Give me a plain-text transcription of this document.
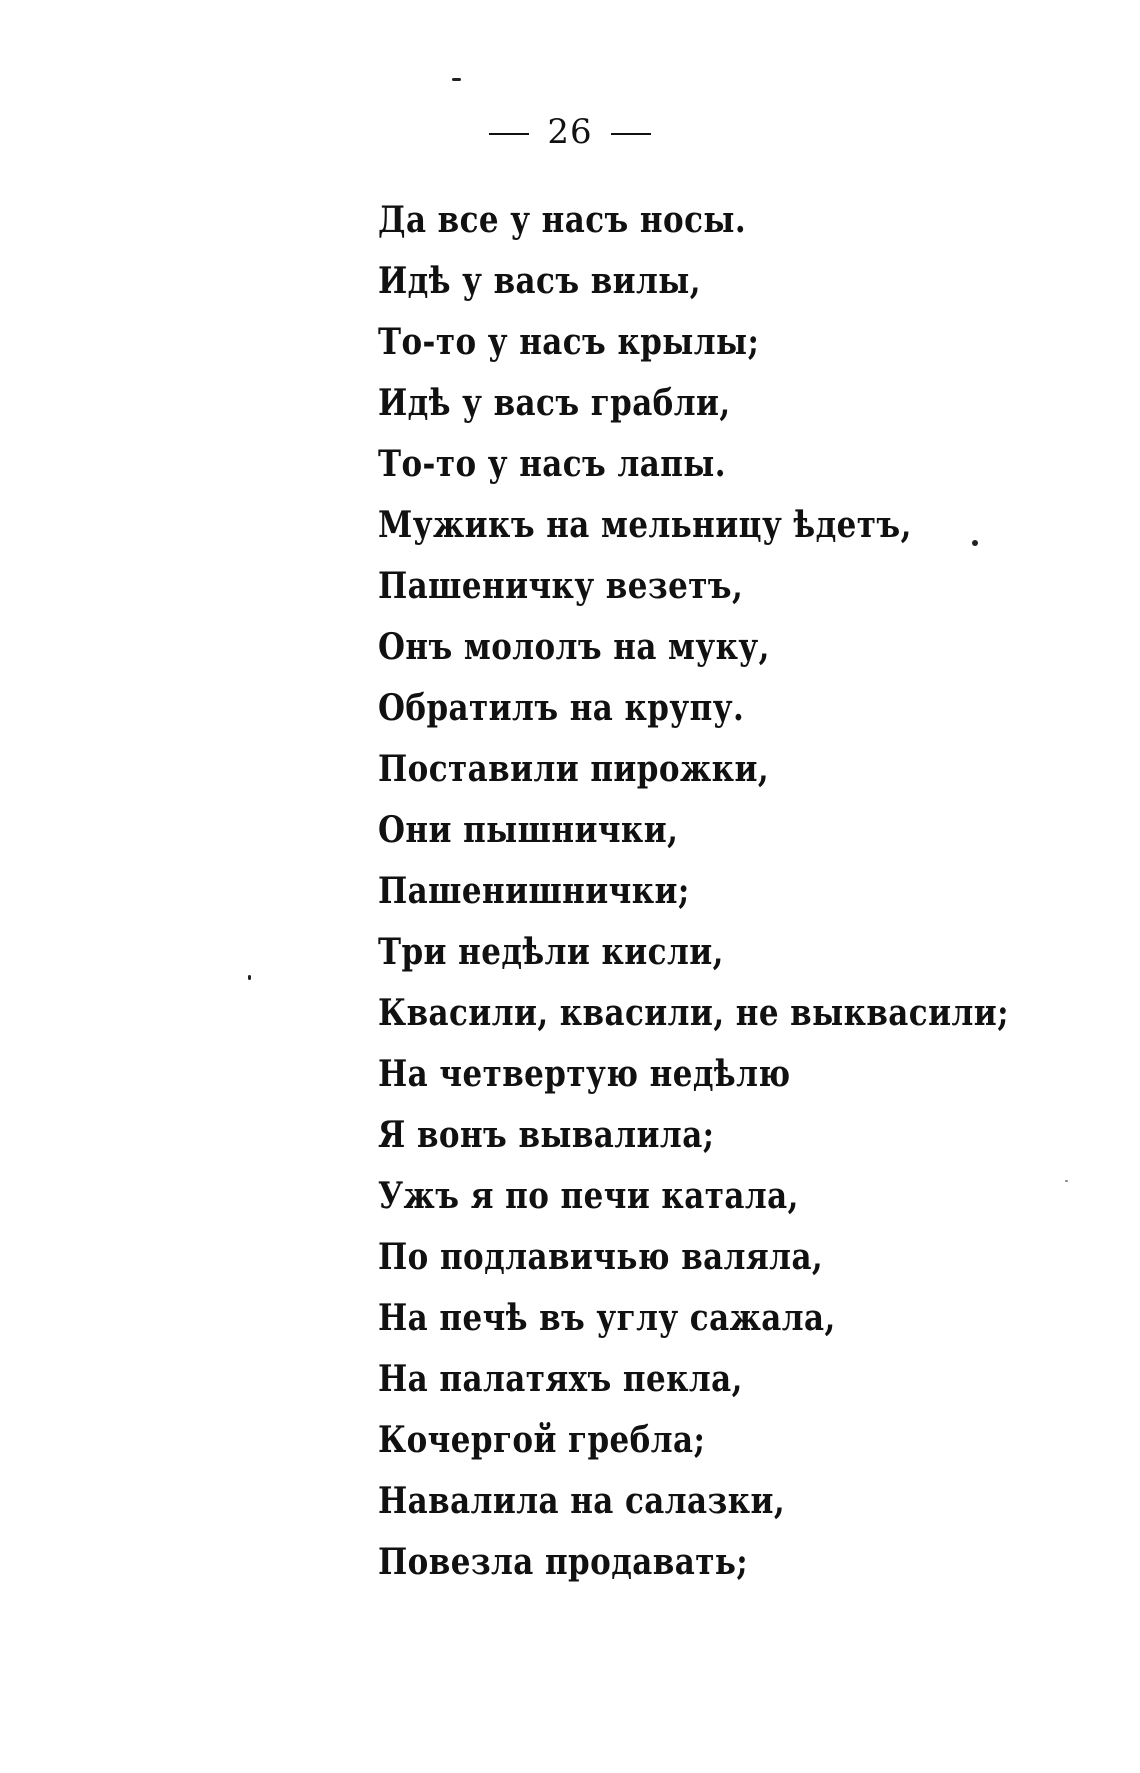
26
Да все у насъ носы.
Идѣ у васъ вилы,
То-то у насъ крылы;
Идѣ у васъ грабли,
То-то у насъ лапы.
Мужикъ на мельницу ѣдетъ,
Пашеничку везетъ,
Онъ мололъ на муку,
Обратилъ на крупу.
Поставили пирожки,
Они пышнички,
Пашенишнички;
Три недѣли кисли,
Квасили, квасили, не выквасили;
На четвертую недѣлю
Я вонъ вывалила;
Ужъ я по печи катала,
По подлавичью валяла,
На печѣ въ углу сажала,
На палатяхъ пекла,
Кочергой гребла;
Навалила на салазки,
Повезла продавать;
